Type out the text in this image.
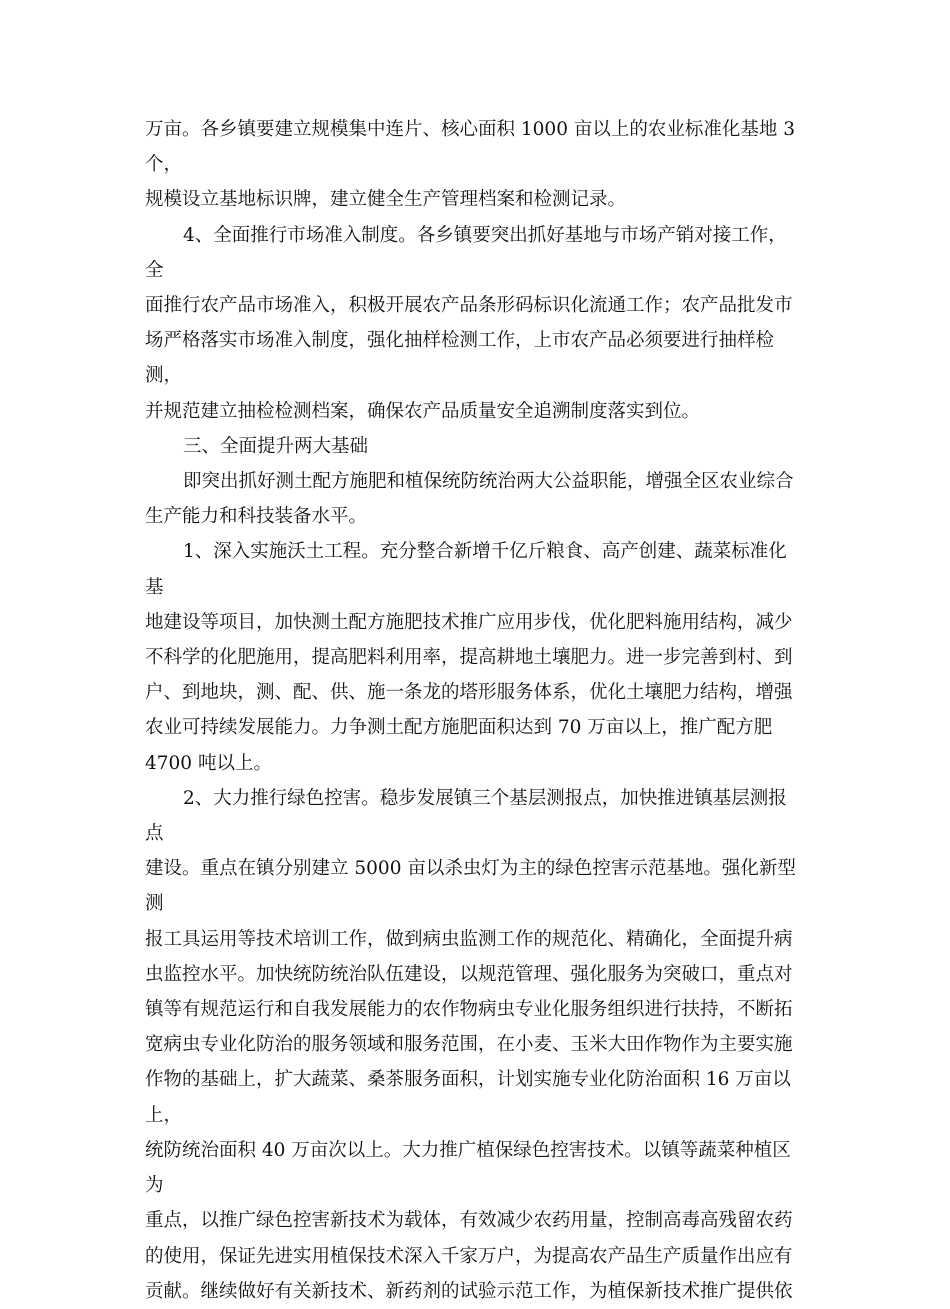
万亩。各乡镇要建立规模集中连片、核心面积 1000 亩以上的农业标准化基地 3 个，
规模设立基地标识牌，建立健全生产管理档案和检测记录。

4、全面推行市场准入制度。各乡镇要突出抓好基地与市场产销对接工作，全
面推行农产品市场准入，积极开展农产品条形码标识化流通工作；农产品批发市
场严格落实市场准入制度，强化抽样检测工作，上市农产品必须要进行抽样检测，
并规范建立抽检检测档案，确保农产品质量安全追溯制度落实到位。

三、全面提升两大基础

即突出抓好测土配方施肥和植保统防统治两大公益职能，增强全区农业综合
生产能力和科技装备水平。

1、深入实施沃土工程。充分整合新增千亿斤粮食、高产创建、蔬菜标准化基
地建设等项目，加快测土配方施肥技术推广应用步伐，优化肥料施用结构，减少
不科学的化肥施用，提高肥料利用率，提高耕地土壤肥力。进一步完善到村、到
户、到地块，测、配、供、施一条龙的塔形服务体系，优化土壤肥力结构，增强
农业可持续发展能力。力争测土配方施肥面积达到 70 万亩以上，推广配方肥
4700 吨以上。

2、大力推行绿色控害。稳步发展镇三个基层测报点，加快推进镇基层测报点
建设。重点在镇分别建立 5000 亩以杀虫灯为主的绿色控害示范基地。强化新型测
报工具运用等技术培训工作，做到病虫监测工作的规范化、精确化，全面提升病
虫监控水平。加快统防统治队伍建设，以规范管理、强化服务为突破口，重点对
镇等有规范运行和自我发展能力的农作物病虫专业化服务组织进行扶持，不断拓
宽病虫专业化防治的服务领域和服务范围，在小麦、玉米大田作物作为主要实施
作物的基础上，扩大蔬菜、桑茶服务面积，计划实施专业化防治面积 16 万亩以上，
统防统治面积 40 万亩次以上。大力推广植保绿色控害技术。以镇等蔬菜种植区为
重点，以推广绿色控害新技术为载体，有效减少农药用量，控制高毒高残留农药
的使用，保证先进实用植保技术深入千家万户，为提高农产品生产质量作出应有
贡献。继续做好有关新技术、新药剂的试验示范工作，为植保新技术推广提供依
